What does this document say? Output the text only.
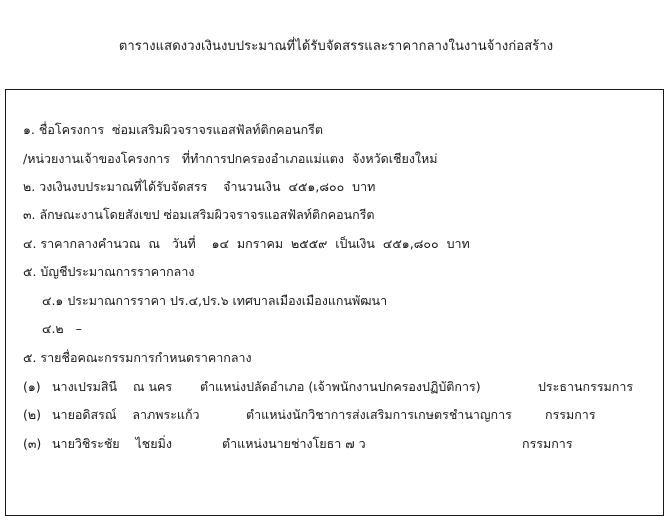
ตารางแสดงวงเงินงบประมาณที่ได้รับจัดสรรและราคากลางในงานจ้างก่อสร้าง
๑. ชื่อโครงการ  ซ่อมเสริมผิวจราจรแอสฟัลท์ติกคอนกรีต
/หน่วยงานเจ้าของโครงการ   ที่ทำการปกครองอำเภอแม่แตง  จังหวัดเชียงใหม่
๒. วงเงินงบประมาณที่ได้รับจัดสรร    จำนวนเงิน  ๔๕๑,๘๐๐  บาท
๓. ลักษณะงานโดยสังเขป ซ่อมเสริมผิวจราจรแอสฟัลท์ติกคอนกรีต
๔. ราคากลางคำนวณ  ณ   วันที่    ๑๔  มกราคม  ๒๕๕๙  เป็นเงิน  ๔๕๑,๘๐๐  บาท
๕. บัญชีประมาณการราคากลาง
๔.๑ ประมาณการราคา ปร.๔,ปร.๖ เทศบาลเมืองเมืองแกนพัฒนา
๔.๒   –
๕. รายชื่อคณะกรรมการกำหนดราคากลาง
(๑) นางเปรมสินี    ณ นคร ตำแหน่งปลัดอำเภอ (เจ้าพนักงานปกครองปฏิบัติการ)	ประธานกรรมการ
(๒) นายอดิสรณ์    ลาภพระแก้ว	ตำแหน่งนักวิชาการส่งเสริมการเกษตรชำนาญการ	กรรมการ
(๓) นายวิชิระชัย    ไชยมิ่ง	ตำแหน่งนายช่างโยธา ๗ ว	กรรมการ
